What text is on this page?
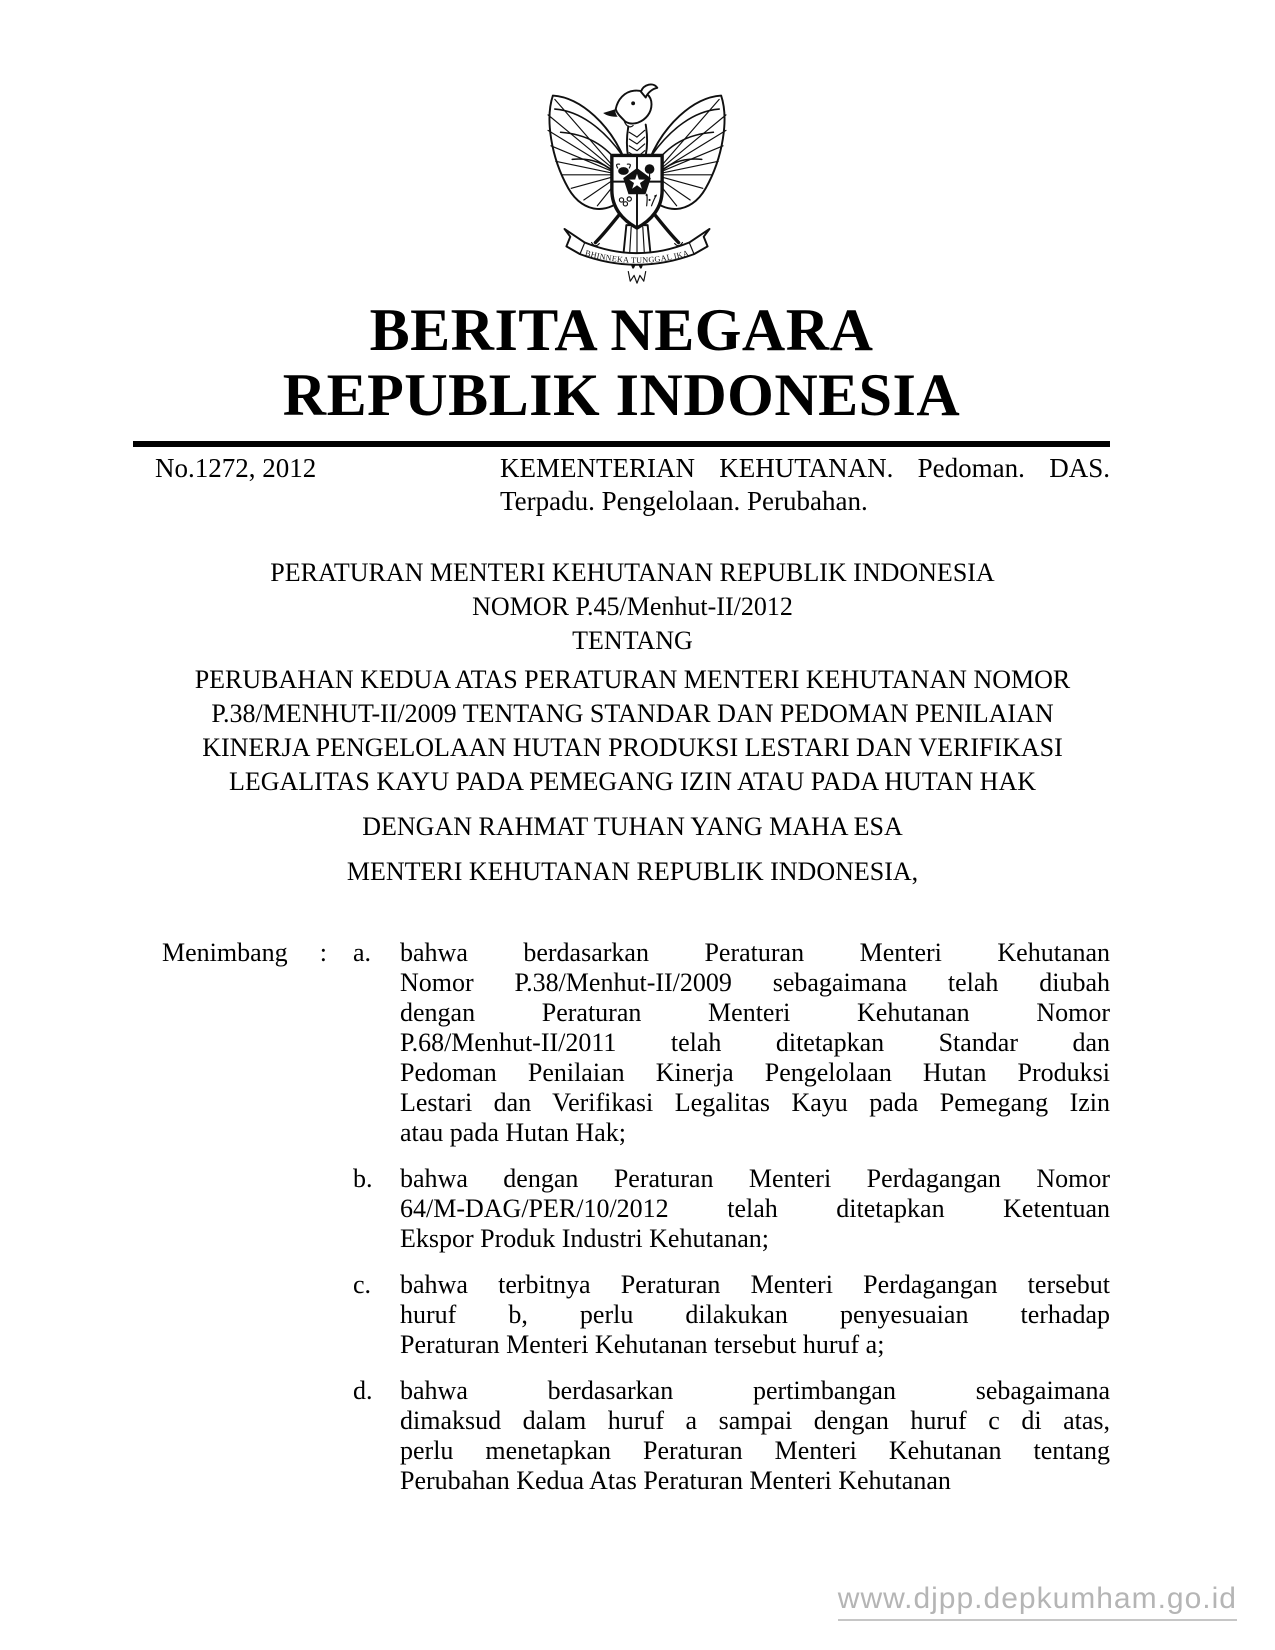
BHINNEKA TUNGGAL IKA
BERITA NEGARA
REPUBLIK INDONESIA
No.1272, 2012	KEMENTERIAN KEHUTANAN. Pedoman. DAS.
Terpadu. Pengelolaan. Perubahan.
PERATURAN MENTERI KEHUTANAN REPUBLIK INDONESIA
NOMOR P.45/Menhut-II/2012
TENTANG
PERUBAHAN KEDUA ATAS PERATURAN MENTERI KEHUTANAN NOMOR
P.38/MENHUT-II/2009 TENTANG STANDAR DAN PEDOMAN PENILAIAN
KINERJA PENGELOLAAN HUTAN PRODUKSI LESTARI DAN VERIFIKASI
LEGALITAS KAYU PADA PEMEGANG IZIN ATAU PADA HUTAN HAK
DENGAN RAHMAT TUHAN YANG MAHA ESA
MENTERI KEHUTANAN REPUBLIK INDONESIA,
Menimbang : a.	bahwa berdasarkan Peraturan Menteri Kehutanan
Nomor P.38/Menhut-II/2009 sebagaimana telah diubah
dengan Peraturan Menteri Kehutanan Nomor
P.68/Menhut-II/2011 telah ditetapkan Standar dan
Pedoman Penilaian Kinerja Pengelolaan Hutan Produksi
Lestari dan Verifikasi Legalitas Kayu pada Pemegang Izin
atau pada Hutan Hak;
b.	bahwa dengan Peraturan Menteri Perdagangan Nomor
64/M-DAG/PER/10/2012 telah ditetapkan Ketentuan
Ekspor Produk Industri Kehutanan;
c.	bahwa terbitnya Peraturan Menteri Perdagangan tersebut
huruf b, perlu dilakukan penyesuaian terhadap
Peraturan Menteri Kehutanan tersebut huruf a;
d.	bahwa berdasarkan pertimbangan sebagaimana
dimaksud dalam huruf a sampai dengan huruf c di atas,
perlu menetapkan Peraturan Menteri Kehutanan tentang
Perubahan Kedua Atas Peraturan Menteri Kehutanan
www.djpp.depkumham.go.id
